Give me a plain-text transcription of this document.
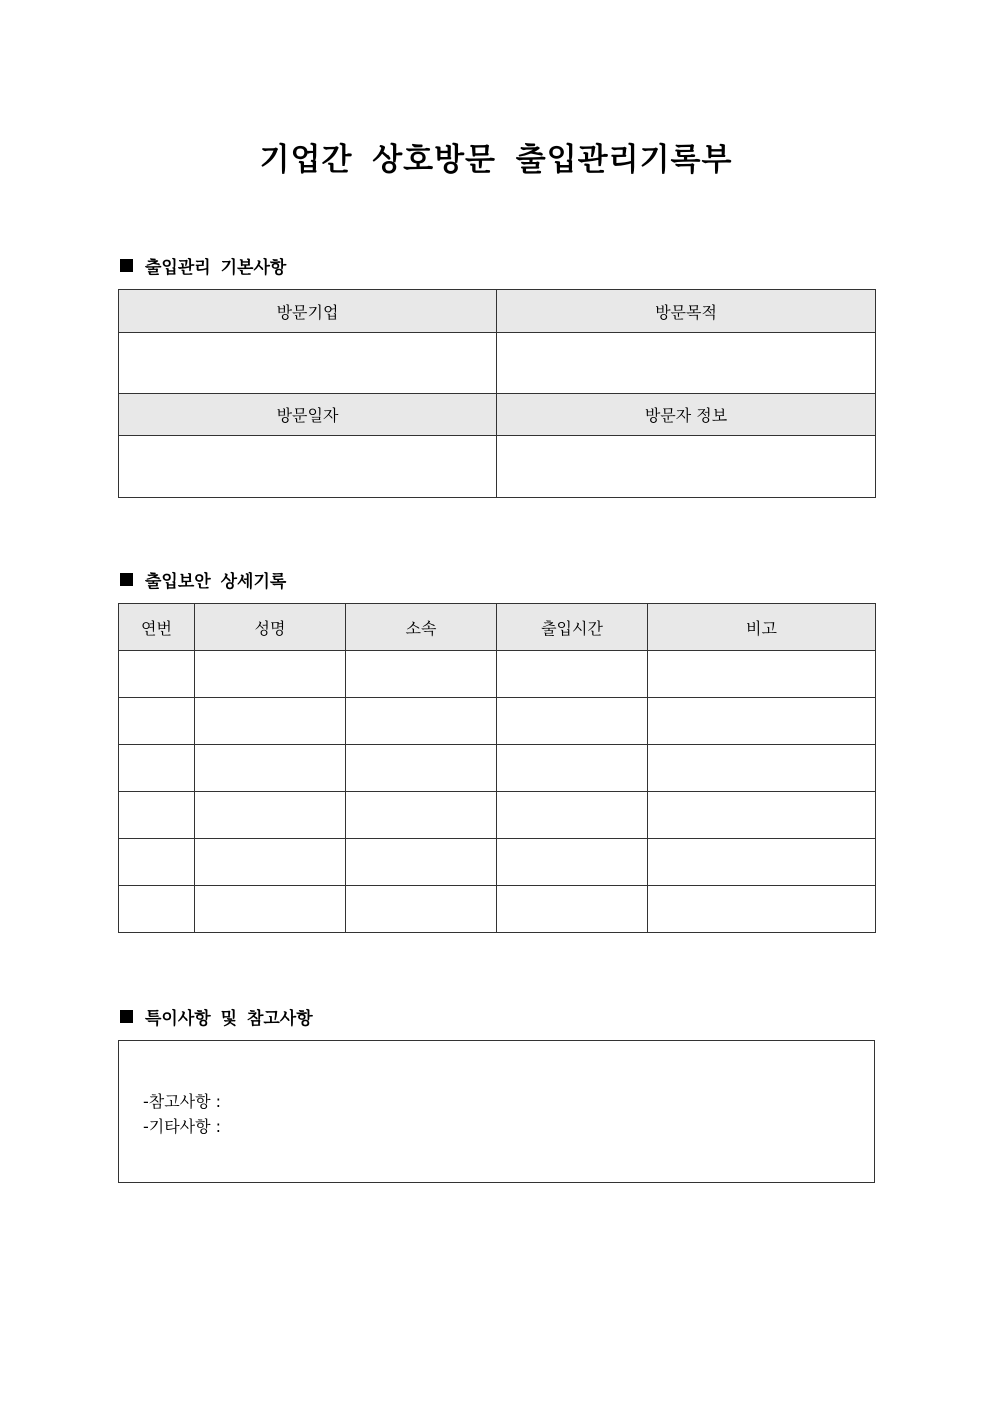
기업간 상호방문 출입관리기록부
출입관리 기본사항
방문기업	방문목적

방문일자	방문자 정보

출입보안 상세기록
연번	성명	소속	출입시간	비고

특이사항 및 참고사항
-참고사항 :
-기타사항 :
